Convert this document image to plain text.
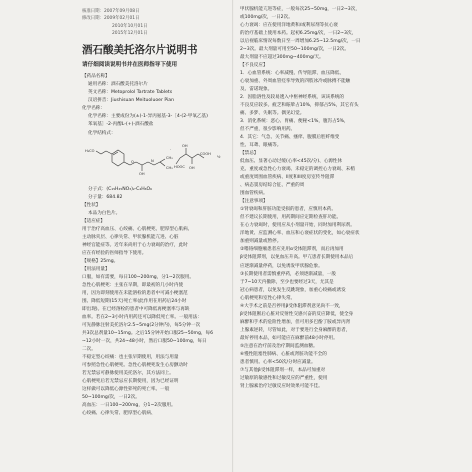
核准日期：2007年09月08日
修改日期：2009年02月01日
2010年10月01日
2015年12月01日
酒石酸美托洛尔片说明书
请仔细阅读说明书并在医师指导下使用
【药品名称】
通用名称：酒石酸美托洛尔片
英文名称：Metoprolol Tartrate Tablets
汉语拼音：Jiushisuan Meituoluoer Pian
化学名称：
化学名称：主要成份为(±)-1-异丙氨基-3-［4-(2-甲氧乙基)
苯氧基］-2-丙醇L-(+)-酒石酸盐
化学结构式：
H₃CO
O
OH
N
CH₃
CH₃
·
OH
OH
HOOC
COOH
½
分子式：(C₁₅H₂₅NO₃)₂·C₄H₆O₆
分子量：684.82
【性状】
本品为白色片。
【适应症】
用于治疗高血压、心绞痛、心肌梗死、肥厚型心肌病、
主动脉夹层、心律失常、甲状腺机能亢进、心脏
神经官能症等。近年来尚用于心力衰竭的治疗，此时
应在有经验的医师指导下使用。
【规格】25mg。
【用法用量】
口服，如有需要，每日100~200mg，分1~2次服用。
急性心肌梗死：主张在早期，即最初的几小时内使
用，因为即刻使用在未能溶栓的患者中可减小梗塞范
围、降低短期(15天)死亡率(此作用在用药后24小时
即出现)。在已经溶栓的患者中可降低再梗塞率与再缺
血率。若在2~3小时内用药还可以降低死亡率。一般用法：
可先静脉注射美托洛尔2.5~5mg(2分钟内)，每5分钟一次
共3次总剂量10~15mg。之后15分钟开始口服25~50mg，每6
~12小时一次，共24~48小时，然后口服50~100mg，每日
二次。
不稳定型心绞痛：也主张早期使用，用法与用量
可参照急性心肌梗死。急性心肌梗死发生心房颤动时
若无禁忌可静脉使用美托洛尔，其方法同上。
心肌梗死后若无禁忌应长期使用，因为已经证明
这样做可以降低心源性猝死的死亡率。一般
50~100mg/次，一日2次。
高血压：一日100~200mg，分1~2次服用。
心绞痛、心律失常、肥厚型心肌病、
甲状腺机能亢进等症，一般每次25~50mg，一日2~3次，
或100mg/次，一日2次。
心力衰竭：应在使用洋地黄和/或利尿剂等抗心衰
的治疗基础上使用本药。起初6.25mg/次，一日2~3次，
以后视临床情况每数日至一周增加6.25~12.5mg/次，一日
2~3次。最大剂量可用至50~100mg/次，一日2次。
最大剂量不应超过300mg~400mg/天。
【不良反应】
1．心血管系统：心率减慢、传导阻滞、血压降低、
心衰加重、外周血管痉挛导致的四肢冰冷或脉搏不能触
及、雷诺现象。
2．因脂溶性及较易透入中枢神经系统，该该系统的
不良反应较多。疲乏和眩晕占10%，抑郁占5%，其它有头
痛、多梦、失眠等。偶见幻觉。
3．消化系统：恶心、胃痛、便秘<1%，腹泻占5%，
但不严重，很少影响用药。
4．其它：气急、关节痛、瘙痒、腹膜后腔纤维变
性、耳聋、眼痛等。
【禁忌】
低血压、显著心动过缓(心率<45次/分)、心源性休
克、重度或急性心力衰竭、未稳定的调控心力衰竭、末梢
或重度周围血管疾病、II度和III度房室传导阻滞
、病态窦房结综合征、严重的周
围血管疾病。
【注意事项】
①肾衰竭和肝脏功能受损的患者，应慎用本药。
但不建议长期使用，用药期间应定期检查肝功能。
在心力衰竭时，使用应从小剂量开始，同时加用利尿剂。
洋地黄、应监测心率、血压和心衰症状的变化，如心衰症状
加重则减量或暂停。
②嗜铬细胞瘤患者应先用α受体阻滞剂，而后再加用
β受体阻滞剂，以免血压升高。甲亢患者长期使用本品后
应逐渐减量停药，以免诱发甲状腺危象。
③长期使用者需慎重停药，必须逐渐减量，一般
于7~10天内撤除，至少也要经过3天，尤其是
冠心病患者，以免发生反跳现象，加重心绞痛或诱发
心肌梗死和室性心律失常。
④大手术之前是否停用β受体阻滞剂意见尚不一致，
β受体阻断后心脏对反射性交感兴奋的反应降低，使全身
麻醉和手术的危险性增加，但可用多巴酚丁胺或异丙肾
上腺素逆转，尽管如此，对于要进行全身麻醉的患者，
最好停用本品，如可能应在麻醉前48小时停用。
⑤注意在治疗前及治疗期间监测血糖。
⑥慢性阻塞性肺病、心脏或肾脏功能不全的
患者慎用。心率<50次/分时应减量。
⑦与其他β受体阻滞剂一样，本品可加重对
过敏原的敏感性和过敏反应的严重性，使用
肾上腺素治疗过敏反应时效果可能不佳。
